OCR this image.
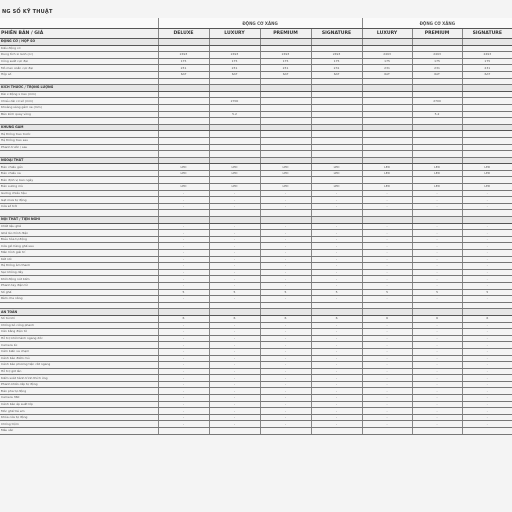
NG SỐ KỸ THUẬT
	ĐỘNG CƠ XĂNG				ĐỘNG CƠ XĂNG		
PHIÊN BẢN / GIÁ	DELUXE	LUXURY	PREMIUM	SIGNATURE	LUXURY	PREMIUM	SIGNATURE
ĐỘNG CƠ / HỘP SỐ							
Kiểu động cơ							
Dung tích xi lanh (cc)	2493	2493	2493	2493	2493	2493	2493
Công suất cực đại	175	175	175	175	175	175	175
Mô men xoắn cực đại	231	231	231	231	231	231	231
Hộp số	6AT	6AT	6AT	6AT	6AT	6AT	6AT

KÍCH THƯỚC / TRỌNG LƯỢNG							
Dài x Rộng x Cao (mm)							
Chiều dài cơ sở (mm)		2700				2700	
Khoảng sáng gầm xe (mm)							
Bán kính quay vòng		5.2				5.2	

KHUNG GẦM							
Hệ thống treo trước							
Hệ thống treo sau							
Phanh trước / sau							

NGOẠI THẤT							
Đèn chiếu gần	LED	LED	LED	LED	LED	LED	LED
Đèn chiếu xa	LED	LED	LED	LED	LED	LED	LED
Đèn định vị ban ngày							
Đèn sương mù	LED	LED	LED	LED	LED	LED	LED
Gương chiếu hậu	-	-	-	-	-	-	-
Gạt mưa tự động	-	-	-	-	-	-	-
Cửa sổ trời	-	-	-	-	-	-	-

NỘI THẤT / TIỆN NGHI							
Chất liệu ghế	-	-	-	-	-	-	-
Ghế lái chỉnh điện	-	-	-	-	-	-	-
Điều hòa tự động	-	-	-	-	-	-	-
Cửa gió hàng ghế sau	-	-	-	-	-	-	-
Màn hình giải trí	-	-	-	-	-	-	-
Kết nối	-	-	-	-	-	-	-
Hệ thống âm thanh	-	-	-	-	-	-	-
Sạc không dây	-	-	-	-	-	-	-
Khởi động nút bấm	-	-	-	-	-	-	-
Phanh tay điện tử	-	-	-	-	-	-	-
Số ghế	5	5	5	5	5	5	5
Rèm che nắng	-	-	-	-	-	-	-

AN TOÀN							
Số túi khí	6	6	6	6	6	6	6
Chống bó cứng phanh	-	-	-	-	-	-	-
Cân bằng điện tử	-	-	-	-	-	-	-
Hỗ trợ khởi hành ngang dốc	-	-	-	-	-	-	-
Camera lùi	-	-	-	-	-	-	-
Cảm biến va chạm	-	-	-	-	-	-	-
Cảnh báo điểm mù	-	-	-	-	-	-	-
Cảnh báo phương tiện cắt ngang	-	-	-	-	-	-	-
Hỗ trợ giữ làn	-	-	-	-	-	-	-
Kiểm soát hành trình thích ứng	-	-	-	-	-	-	-
Phanh khẩn cấp tự động	-	-	-	-	-	-	-
Đèn pha tự động	-	-	-	-	-	-	-
Camera 360	-	-	-	-	-	-	-
Cảnh báo áp suất lốp	-	-	-	-	-	-	-
Móc ghế trẻ em	-	-	-	-	-	-	-
Khóa cửa tự động	-	-	-	-	-	-	-
Chống trộm	-	-	-	-	-	-	-
Màu sắc							
